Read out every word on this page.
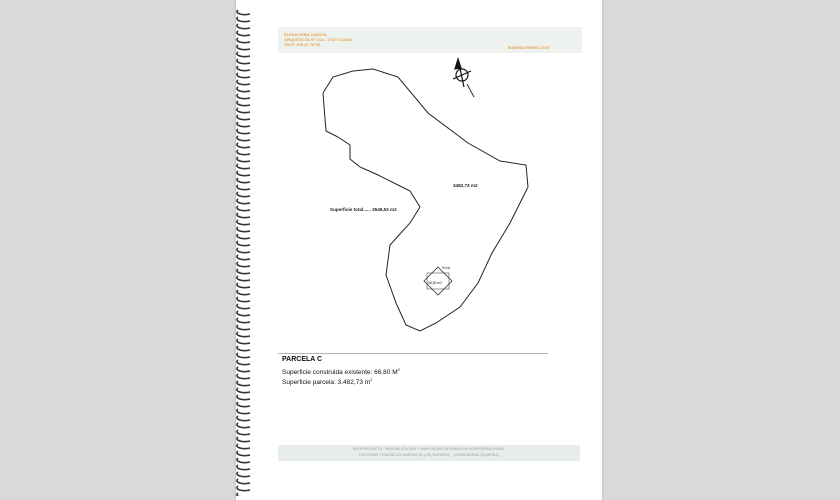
ELENA VERA CUESTA
ARQUITECTA Nº COL: 17877 COAM
TELF: 609 47 75 30
MADRID ENERO 2010
Superficie total...... 3549,53 m2
3482,73 m2
Ruina
66,80 m2
PARCELA C
Superficie construida existente: 66.80 $M^2$
Superficie parcela: 3.482,73 $m^2$
ANTEPROYECTO - REHABILITACION Y AMPLIACION DE RUINA EN HOSPEDERIA RURAL
POLIGONO 7 PARCELAS ANEXAS 68 y 69, SAFARES _ CARBONERAS (ALMERIA)
